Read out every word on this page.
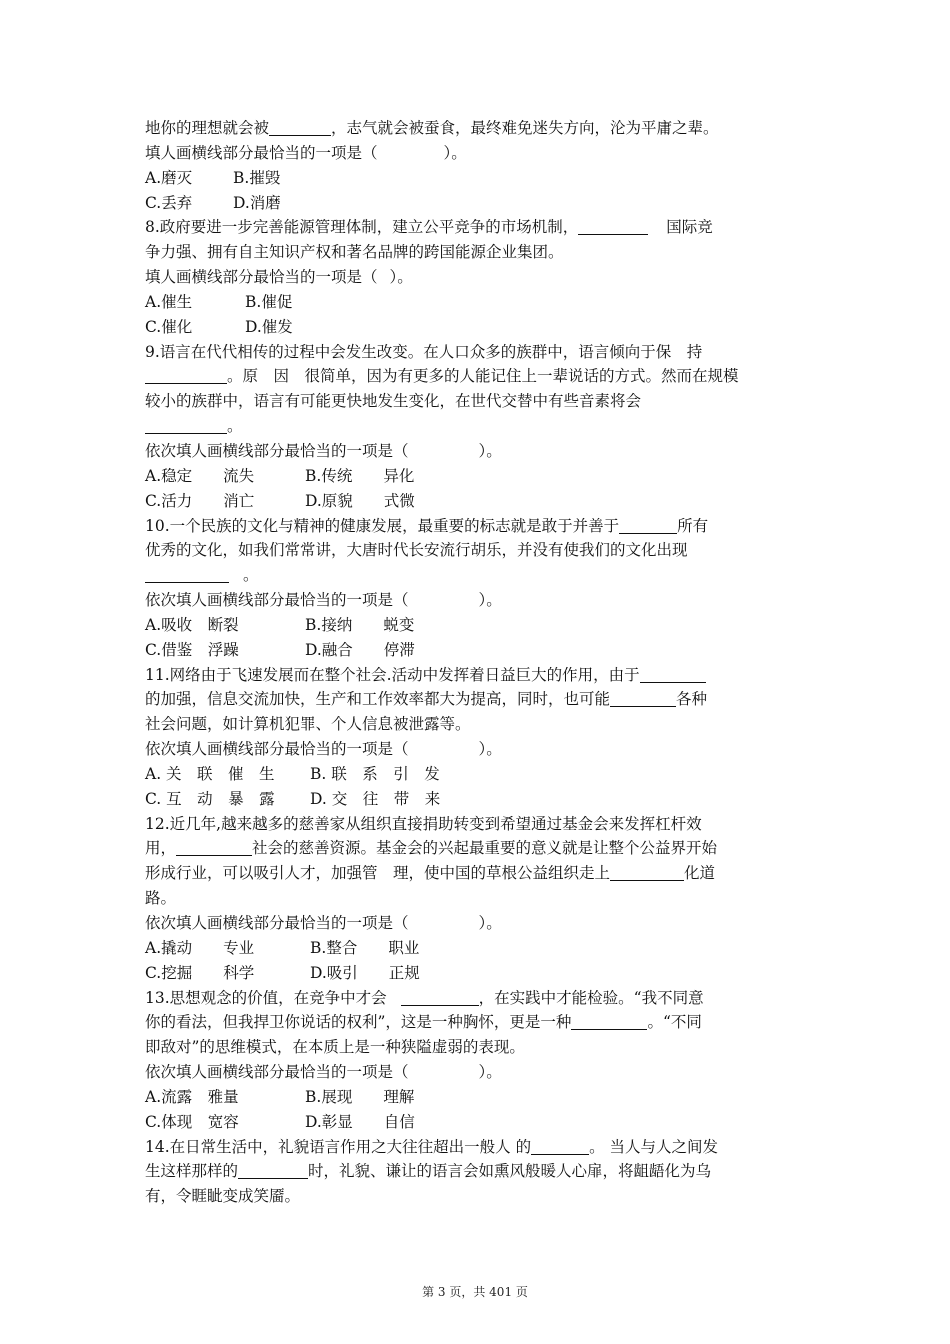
地你的理想就会被	，志气就会被蚕食，最终难免迷失方向，沦为平庸之辈。
填人画横线部分最恰当的一项是（	）。
A.磨灭	B.摧毁
C.丢弃	D.消磨
8.政府要进一步完善能源管理体制，建立公平竞争的市场机制，	国际竞
争力强、拥有自主知识产权和著名品牌的跨国能源企业集团。
填人画横线部分最恰当的一项是（ ）。
A.催生	B.催促
C.催化	D.催发
9.语言在代代相传的过程中会发生改变。在人口众多的族群中，语言倾向于保　持
。原　因　很简单，因为有更多的人能记住上一辈说话的方式。然而在规模
较小的族群中，语言有可能更快地发生变化，在世代交替中有些音素将会
。
依次填人画横线部分最恰当的一项是（	）。
A.稳定　　流失	B.传统　　异化
C.活力　　消亡	D.原貌　　式微
10.一个民族的文化与精神的健康发展，最重要的标志就是敢于并善于	所有
优秀的文化，如我们常常讲，大唐时代长安流行胡乐，并没有使我们的文化出现
。
依次填人画横线部分最恰当的一项是（	）。
A.吸收　断裂	B.接纳　　蜕变
C.借鉴　浮躁	D.融合　　停滞
11.网络由于飞速发展而在整个社会.活动中发挥着日益巨大的作用，由于
的加强，信息交流加快，生产和工作效率都大为提高，同时，也可能	各种
社会问题，如计算机犯罪、个人信息被泄露等。
依次填人画横线部分最恰当的一项是（	）。
A. 关　联　催　生 B. 联　系　引　发
C. 互　动　暴　露 D. 交　往　带　来
12.近几年,越来越多的慈善家从组织直接捐助转变到希望通过基金会来发挥杠杆效
用，	社会的慈善资源。基金会的兴起最重要的意义就是让整个公益界开始
形成行业，可以吸引人才，加强管　理，使中国的草根公益组织走上	化道
路。
依次填人画横线部分最恰当的一项是（	）。
A.撬动　　专业	B.整合　　职业
C.挖掘　　科学	D.吸引　　正规
13.思想观念的价值，在竞争中才会	，在实践中才能检验。“我不同意
你的看法，但我捍卫你说话的权利”，这是一种胸怀，更是一种	。“不同
即敌对”的思维模式，在本质上是一种狭隘虚弱的表现。
依次填人画横线部分最恰当的一项是（	）。
A.流露　雅量	B.展现　　理解
C.体现　宽容	D.彰显　　自信
14.在日常生活中，礼貌语言作用之大往往超出一般人 的	。 当人与人之间发
生这样那样的	时，礼貌、谦让的语言会如熏风般暖人心扉，将龃龉化为乌
有，令睚眦变成笑靥。
第 3 页，共 401 页
